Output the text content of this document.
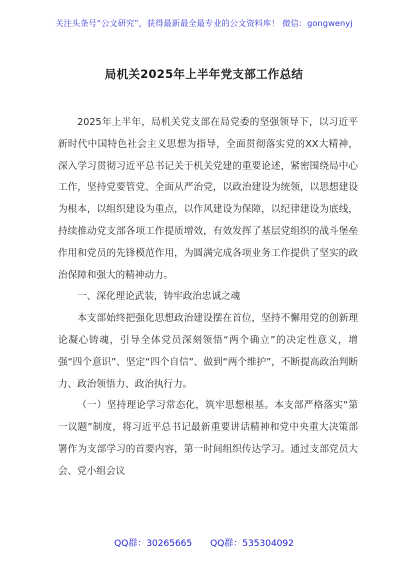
关注头条号“公文研究”，获得最新最全最专业的公文资料库！ 微信：gongwenyj
局机关2025年上半年党支部工作总结

2025年上半年，局机关党支部在局党委的坚强领导下，以习近平新时代中国特色社会主义思想为指导，全面贯彻落实党的XX大精神，深入学习贯彻习近平总书记关于机关党建的重要论述，紧密围绕局中心工作，坚持党要管党、全面从严治党，以政治建设为统领，以思想建设为根本，以组织建设为重点，以作风建设为保障，以纪律建设为底线，持续推动党支部各项工作提质增效，有效发挥了基层党组织的战斗堡垒作用和党员的先锋模范作用，为圆满完成各项业务工作提供了坚实的政治保障和强大的精神动力。

一、深化理论武装，铸牢政治忠诚之魂

本支部始终把强化思想政治建设摆在首位，坚持不懈用党的创新理论凝心铸魂，引导全体党员深刻领悟“两个确立”的决定性意义，增强“四个意识”、坚定“四个自信”、做到“两个维护”，不断提高政治判断力、政治领悟力、政治执行力。

（一）坚持理论学习常态化，筑牢思想根基。本支部严格落实“第一议题”制度，将习近平总书记最新重要讲话精神和党中央重大决策部署作为支部学习的首要内容，第一时间组织传达学习。通过支部党员大会、党小组会议

QQ群：30265665 QQ群：535304092
